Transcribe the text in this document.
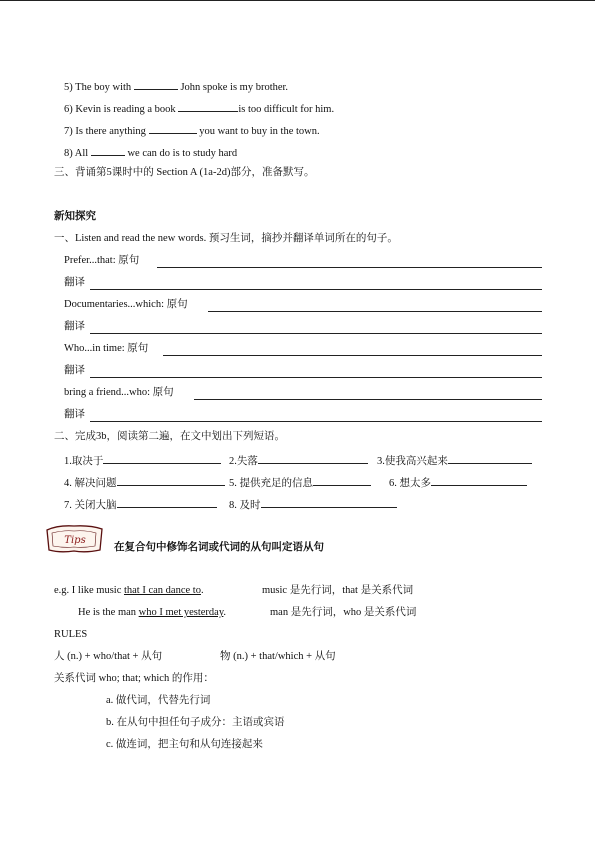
5) The boy with	John spoke is my brother.
6) Kevin is reading a book	is too difficult for him.
7) Is there anything	you want to buy in the town.
8) All	we can do is to study hard
三、背诵第5课时中的 Section A (1a-2d)部分，准备默写。
新知探究
一、Listen and read the new words. 预习生词，摘抄并翻译单词所在的句子。
Prefer...that: 原句
翻译
Documentaries...which: 原句
翻译
Who...in time: 原句
翻译
bring a friend...who: 原句
翻译
二、完成3b，阅读第二遍，在文中划出下列短语。
1.取决于	2.失落	3.使我高兴起来
4. 解决问题	5. 提供充足的信息	6. 想太多
7. 关闭大脑	8. 及时
Tips
在复合句中修饰名词或代词的从句叫定语从句
e.g. I like music that I can dance to.	music 是先行词，that 是关系代词
He is the man who I met yesterday.	man 是先行词，who 是关系代词
RULES
人 (n.) + who/that + 从句	物 (n.) + that/which + 从句
关系代词 who; that; which 的作用：
a. 做代词，代替先行词
b. 在从句中担任句子成分：主语或宾语
c. 做连词，把主句和从句连接起来
